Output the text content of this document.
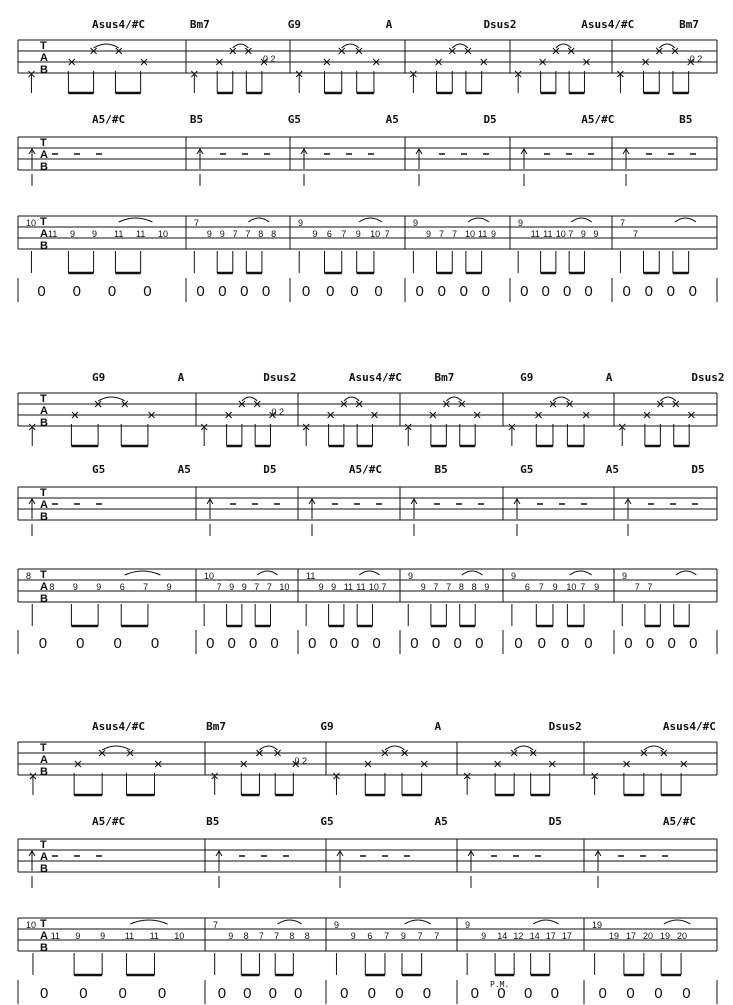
T
A
B
Asus4/#C	Bm7	G9	A	Dsus2	Asus4/#C	Bm7
0 2	0 2
T
A
B
A5/#C	B5	G5	A5	D5	A5/#C	B5
T
A
B
10
11 9 9 11 11 10
7
9 9 7 7 8 8
9
9 6 7 9 10 7
9
9 7 7 10 11 9
9
11 11 10 7 9 9
7
7
0 0 0 0	0 0 0 0 0 0 0 0 0 0 0 0 0 0 0 0 0 0 0 0
T
A
B
G9	A	Dsus2	Asus4/#C	Bm7	G9	A	Dsus2
0 2
T
A
B
G5	A5	D5	A5/#C	B5	G5	A5	D5
T
A
B
8
8 9 9 6 7 9
10
7 9 9 7 7 10
11
9 9 11 11 10 7
9
9 7 7 8 8 9
9
6 7 9 10 7 9
9
7 7
0 0 0 0	0 0 0 0 0 0 0 0 0 0 0 0 0 0 0 0 0 0 0 0
T
A
B
Asus4/#C	Bm7	G9	A	Dsus2	Asus4/#C
0 2
T
A
B
A5/#C	B5	G5	A5	D5	A5/#C
T
A
B
10
11 9 9 11 11 10
7
9 8 7 7 8 8
9
9 6 7 9 7 7
9
9 14 12 14 17 17
19
19 17 20 19 20
P.M.
0 0 0 0	0 0 0 0	0 0 0 0	0 0 0 0	0 0 0 0
